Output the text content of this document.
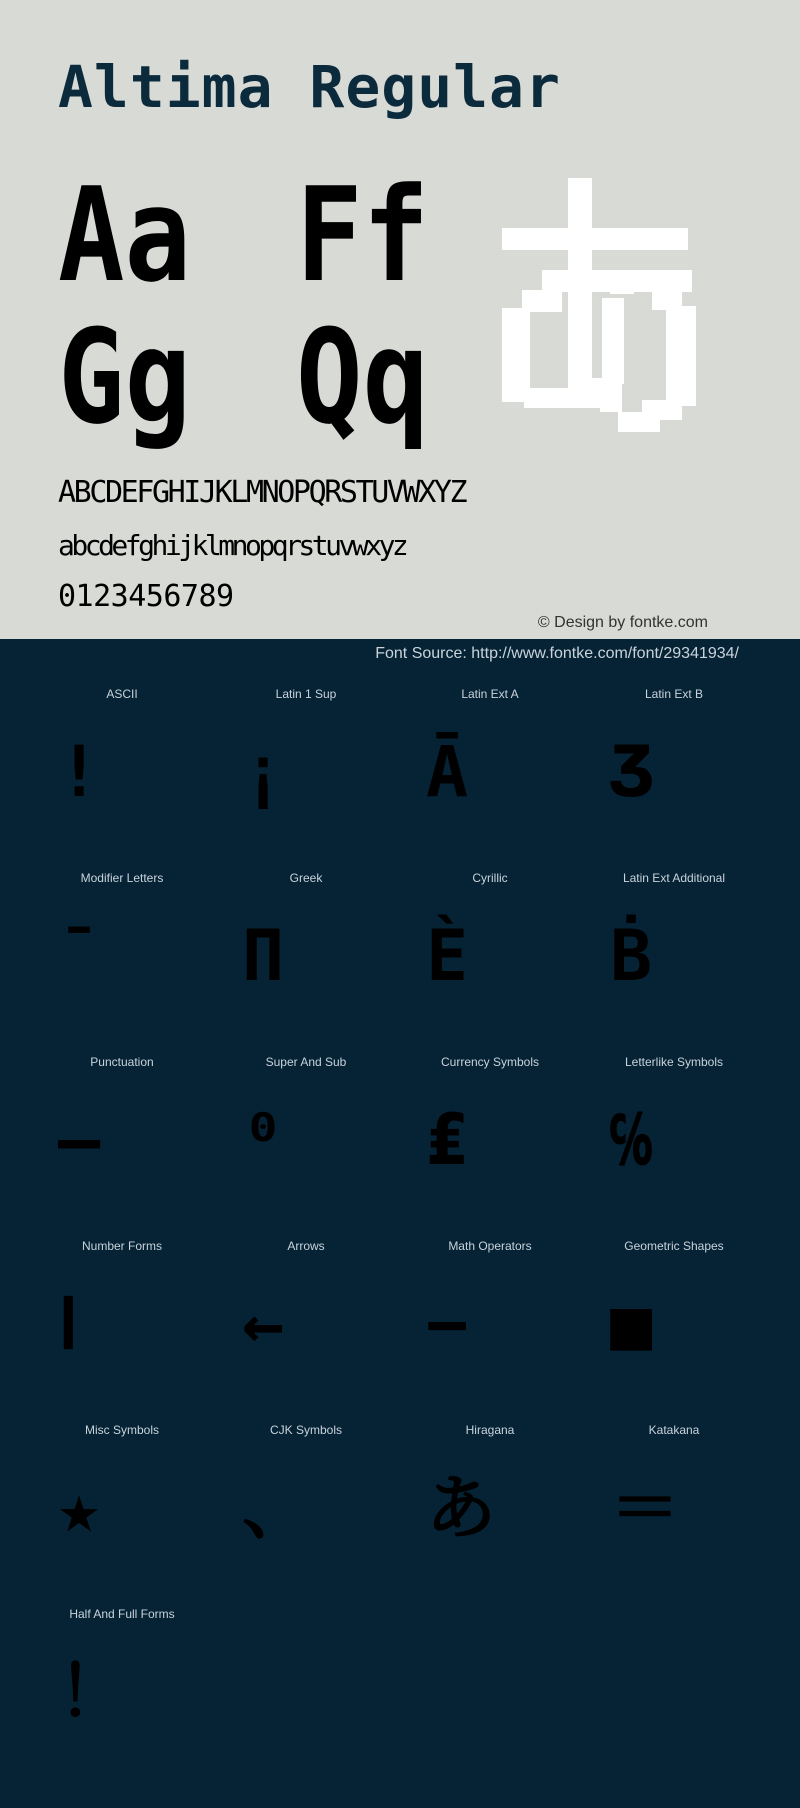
Altima Regular
Aa Ff
Gg Qq
ABCDEFGHIJKLMNOPQRSTUVWXYZ
abcdefghijklmnopqrstuvwxyz
0123456789
© Design by fontke.com
Font Source: http://www.fontke.com/font/29341934/
ASCII
!
Latin 1 Sup
¡
Latin Ext A
Ā
Latin Ext B
Ʒ
Modifier Letters
ˉ
Greek
Π
Cyrillic
Ѐ
Latin Ext Additional
Ḃ
Punctuation
–
Super And Sub
⁰
Currency Symbols
₤
Letterlike Symbols
℅
Number Forms
Ⅰ
Arrows
←
Math Operators
−
Geometric Shapes
■
Misc Symbols
★
CJK Symbols
、
Hiragana
あ
Katakana
＝
Half And Full Forms
！
